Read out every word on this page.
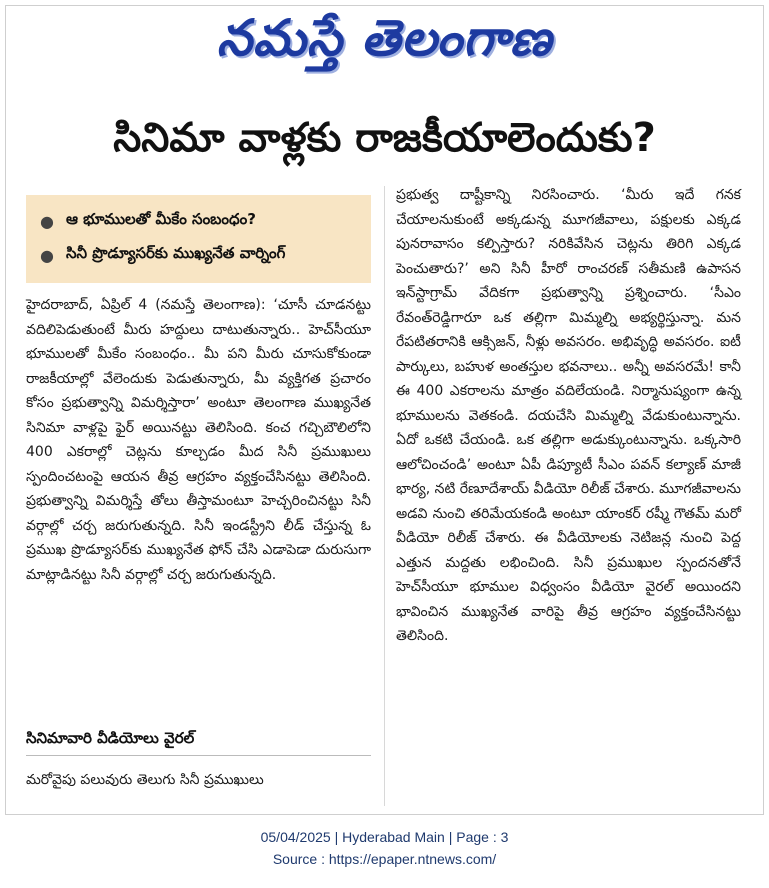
నమస్తే తెలంగాణ
సినిమా వాళ్లకు రాజకీయాలెందుకు?
● ఆ భూములతో మీకేం సంబంధం?
● సినీ ప్రొడ్యూసర్‌కు ముఖ్యనేత వార్నింగ్

హైదరాబాద్, ఏప్రిల్ 4 (నమస్తే తెలంగాణ): ‘చూసీ చూడనట్టు వదిలిపెడుతుంటే మీరు హద్దులు దాటుతున్నారు.. హెచ్‌సీయూ భూములతో మీకేం సంబంధం.. మీ పని మీరు చూసుకోకుండా రాజకీయాల్లో వేలెందుకు పెడుతున్నారు, మీ వ్యక్తిగత ప్రచారం కోసం ప్రభుత్వాన్ని విమర్శిస్తారా’ అంటూ తెలంగాణ ముఖ్యనేత సినిమా వాళ్లపై ఫైర్ అయినట్టు తెలిసింది. కంచ గచ్చిబౌలిలోని 400 ఎకరాల్లో చెట్లను కూల్చడం మీద సినీ ప్రముఖులు స్పందించటంపై ఆయన తీవ్ర ఆగ్రహం వ్యక్తంచేసినట్టు తెలిసింది. ప్రభుత్వాన్ని విమర్శిస్తే తోలు తీస్తామంటూ హెచ్చరించినట్టు సినీ వర్గాల్లో చర్చ జరుగుతున్నది. సినీ ఇండస్ట్రీని లీడ్ చేస్తున్న ఓ ప్రముఖ ప్రొడ్యూసర్‌కు ముఖ్యనేత ఫోన్ చేసి ఎడాపెడా దురుసుగా మాట్లాడినట్టు సినీ వర్గాల్లో చర్చ జరుగుతున్నది.

సినిమావారి వీడియోలు వైరల్

మరోవైపు పలువురు తెలుగు సినీ ప్రముఖులు

ప్రభుత్వ దాష్టీకాన్ని నిరసించారు. ‘మీరు ఇదే గనక చేయాలనుకుంటే అక్కడున్న మూగజీవాలు, పక్షులకు ఎక్కడ పునరావాసం కల్పిస్తారు? నరికివేసిన చెట్లను తిరిగి ఎక్కడ పెంచుతారు?’ అని సినీ హీరో రాంచరణ్ సతీమణి ఉపాసన ఇన్‌స్టాగ్రామ్ వేదికగా ప్రభుత్వాన్ని ప్రశ్నించారు. ‘సీఎం రేవంత్‌రెడ్డిగారూ ఒక తల్లిగా మిమ్మల్ని అభ్యర్థిస్తున్నా. మన రేపటితరానికి ఆక్సిజన్, నీళ్లు అవసరం. అభివృద్ధి అవసరం. ఐటీ పార్కులు, బహుళ అంతస్తుల భవనాలు.. అన్నీ అవసరమే! కానీ ఈ 400 ఎకరాలను మాత్రం వదిలేయండి. నిర్మానుష్యంగా ఉన్న భూములను వెతకండి. దయచేసి మిమ్మల్ని వేడుకుంటున్నాను. ఏదో ఒకటి చేయండి. ఒక తల్లిగా అడుక్కుంటున్నాను. ఒక్కసారి ఆలోచించండి’ అంటూ ఏపీ డిప్యూటీ సీఎం పవన్ కల్యాణ్ మాజీ భార్య, నటి రేణూదేశాయ్ వీడియో రిలీజ్ చేశారు. మూగజీవాలను అడవి నుంచి తరిమేయకండి అంటూ యాంకర్ రష్మీ గౌతమ్ మరో వీడియో రిలీజ్ చేశారు. ఈ వీడియోలకు నెటిజన్ల నుంచి పెద్ద ఎత్తున మద్దతు లభించింది. సినీ ప్రముఖుల స్పందనతోనే హెచ్‌సీయూ భూముల విధ్వంసం వీడియో వైరల్ అయిందని భావించిన ముఖ్యనేత వారిపై తీవ్ర ఆగ్రహం వ్యక్తంచేసినట్టు తెలిసింది.

05/04/2025 | Hyderabad Main | Page : 3
Source : https://epaper.ntnews.com/
